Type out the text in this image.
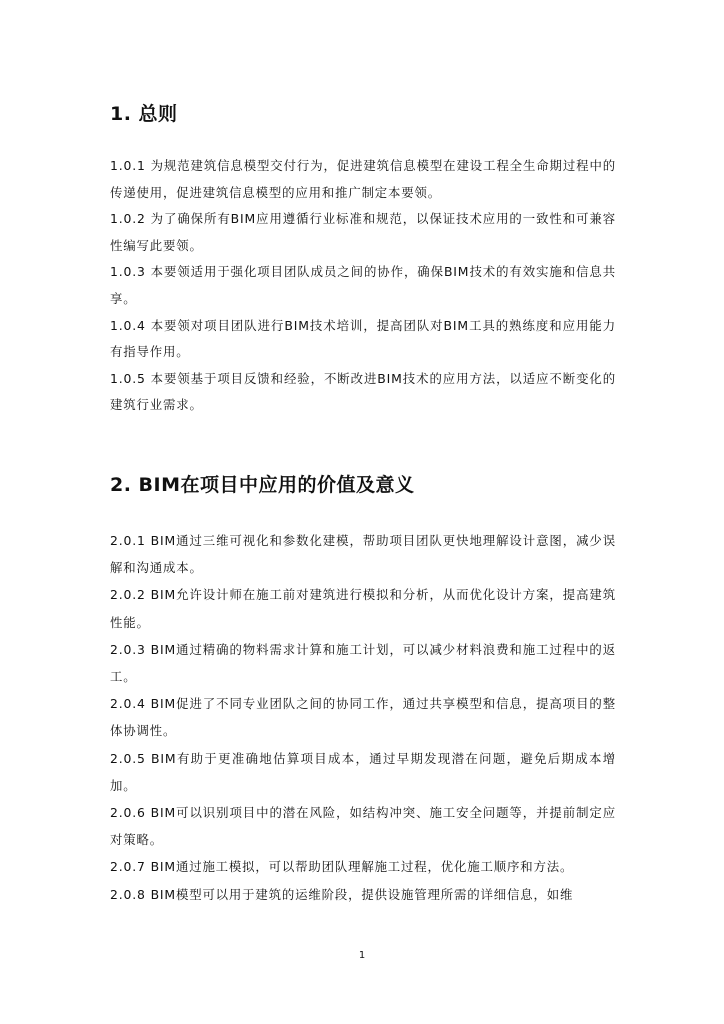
1. 总则

1.0.1 为规范建筑信息模型交付行为，促进建筑信息模型在建设工程全生命期过程中的传递使用，促进建筑信息模型的应用和推广制定本要领。

1.0.2 为了确保所有BIM应用遵循行业标准和规范，以保证技术应用的一致性和可兼容性编写此要领。

1.0.3 本要领适用于强化项目团队成员之间的协作，确保BIM技术的有效实施和信息共享。

1.0.4 本要领对项目团队进行BIM技术培训，提高团队对BIM工具的熟练度和应用能力有指导作用。

1.0.5 本要领基于项目反馈和经验，不断改进BIM技术的应用方法，以适应不断变化的建筑行业需求。

2. BIM在项目中应用的价值及意义

2.0.1 BIM通过三维可视化和参数化建模，帮助项目团队更快地理解设计意图，减少误解和沟通成本。

2.0.2 BIM允许设计师在施工前对建筑进行模拟和分析，从而优化设计方案，提高建筑性能。

2.0.3 BIM通过精确的物料需求计算和施工计划，可以减少材料浪费和施工过程中的返工。

2.0.4 BIM促进了不同专业团队之间的协同工作，通过共享模型和信息，提高项目的整体协调性。

2.0.5 BIM有助于更准确地估算项目成本，通过早期发现潜在问题，避免后期成本增加。

2.0.6 BIM可以识别项目中的潜在风险，如结构冲突、施工安全问题等，并提前制定应对策略。

2.0.7 BIM通过施工模拟，可以帮助团队理解施工过程，优化施工顺序和方法。

2.0.8 BIM模型可以用于建筑的运维阶段，提供设施管理所需的详细信息，如维

1
